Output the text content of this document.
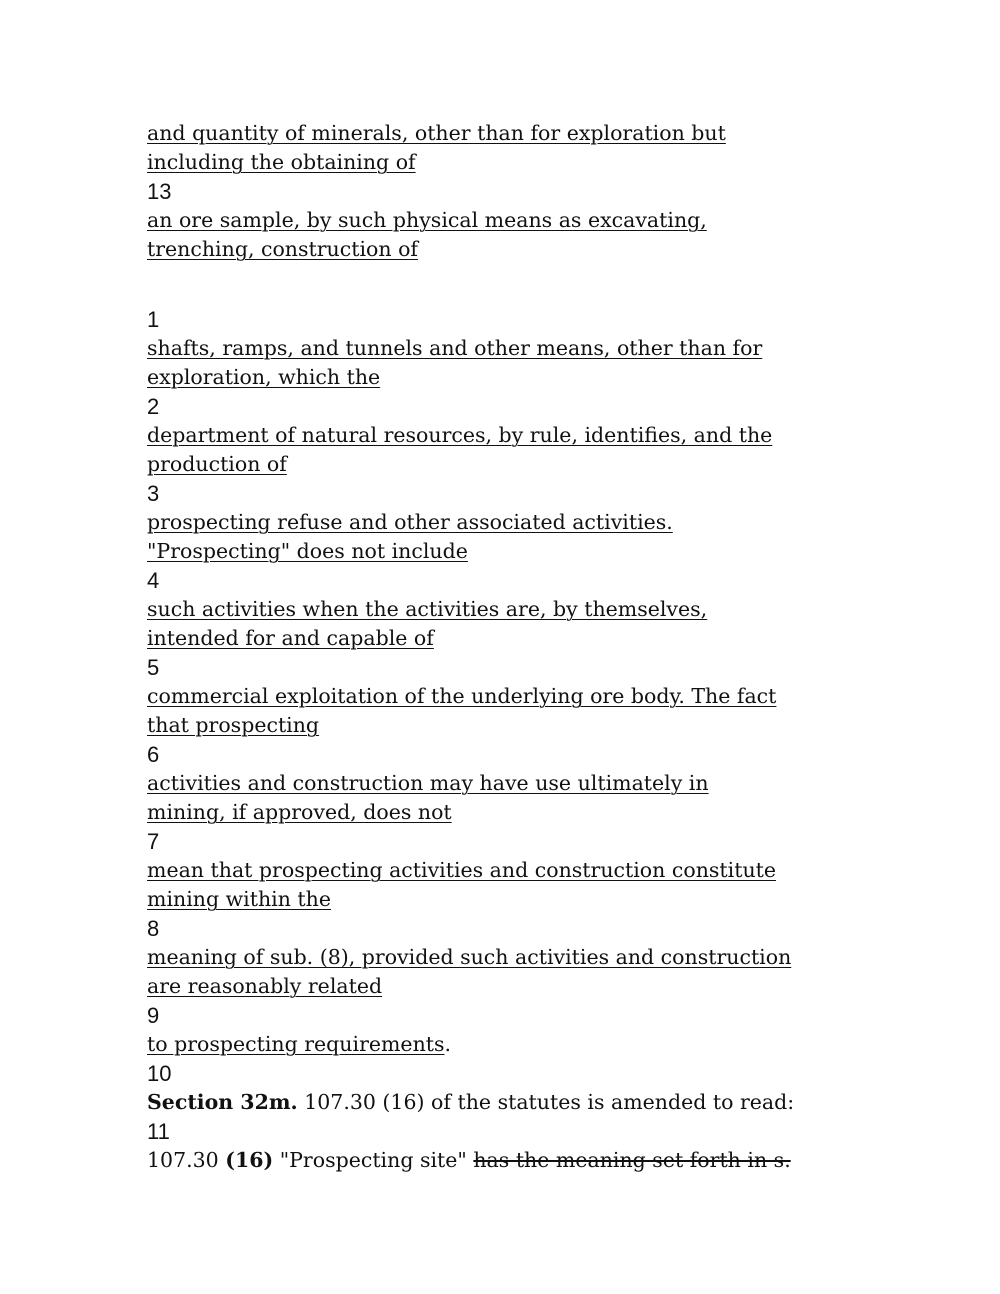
and quantity of minerals, other than for exploration but
including the obtaining of
13
an ore sample, by such physical means as excavating,
trenching, construction of
1
shafts, ramps, and tunnels and other means, other than for
exploration, which the
2
department of natural resources, by rule, identifies, and the
production of
3
prospecting refuse and other associated activities.
"Prospecting" does not include
4
such activities when the activities are, by themselves,
intended for and capable of
5
commercial exploitation of the underlying ore body. The fact
that prospecting
6
activities and construction may have use ultimately in
mining, if approved, does not
7
mean that prospecting activities and construction constitute
mining within the
8
meaning of sub. (8), provided such activities and construction
are reasonably related
9
to prospecting requirements.
10
Section 32m. 107.30 (16) of the statutes is amended to read:
11
107.30 (16) "Prospecting site" has the meaning set forth in s.
